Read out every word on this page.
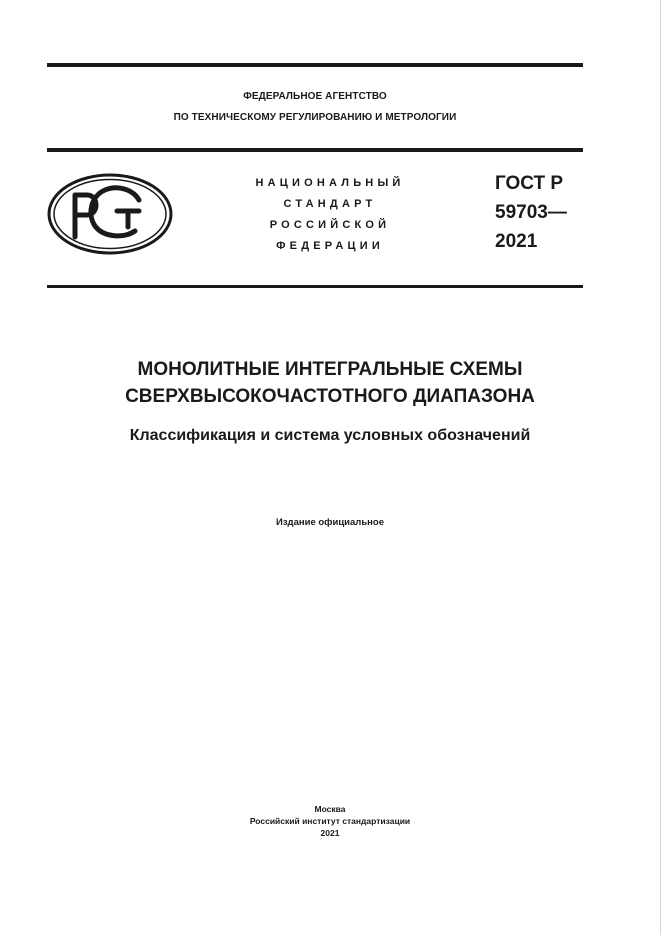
ФЕДЕРАЛЬНОЕ АГЕНТСТВО
ПО ТЕХНИЧЕСКОМУ РЕГУЛИРОВАНИЮ И МЕТРОЛОГИИ
НАЦИОНАЛЬНЫЙ
СТАНДАРТ
РОССИЙСКОЙ
ФЕДЕРАЦИИ
ГОСТ Р
59703—
2021
МОНОЛИТНЫЕ ИНТЕГРАЛЬНЫЕ СХЕМЫ
СВЕРХВЫСОКОЧАСТОТНОГО ДИАПАЗОНА
Классификация и система условных обозначений
Издание официальное
Москва
Российский институт стандартизации
2021
